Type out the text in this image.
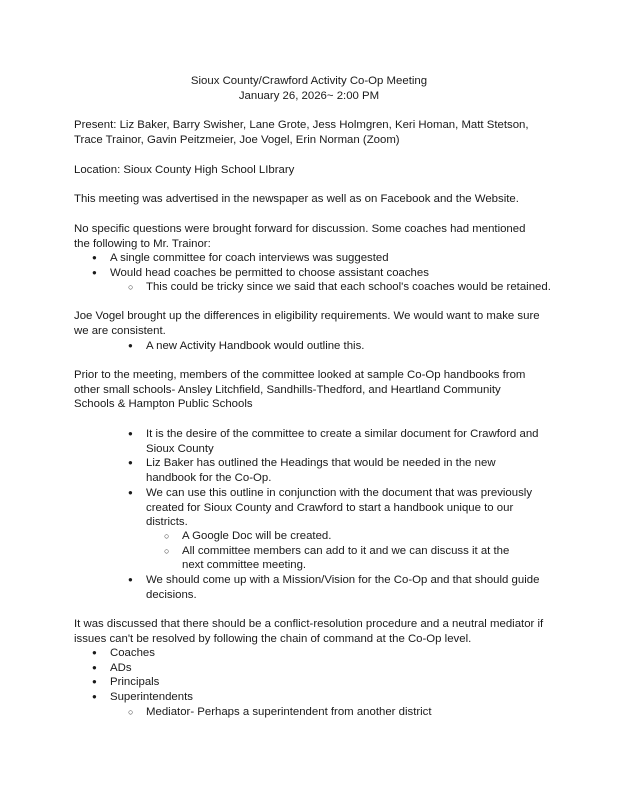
Sioux County/Crawford Activity Co-Op Meeting
January 26, 2026~ 2:00 PM

Present: Liz Baker, Barry Swisher, Lane Grote, Jess Holmgren, Keri Homan, Matt Stetson, Trace Trainor, Gavin Peitzmeier, Joe Vogel, Erin Norman (Zoom)

Location: Sioux County High School LIbrary

This meeting was advertised in the newspaper as well as on Facebook and the Website.

No specific questions were brought forward for discussion. Some coaches had mentioned the following to Mr. Trainor:

● A single committee for coach interviews was suggested
● Would head coaches be permitted to choose assistant coaches
○ This could be tricky since we said that each school's coaches would be retained.

Joe Vogel brought up the differences in eligibility requirements. We would want to make sure we are consistent.

● A new Activity Handbook would outline this.

Prior to the meeting, members of the committee looked at sample Co-Op handbooks from other small schools- Ansley Litchfield, Sandhills-Thedford, and Heartland Community Schools & Hampton Public Schools

● It is the desire of the committee to create a similar document for Crawford and Sioux County
● Liz Baker has outlined the Headings that would be needed in the new handbook for the Co-Op.
● We can use this outline in conjunction with the document that was previously created for Sioux County and Crawford to start a handbook unique to our districts.
○ A Google Doc will be created.
○ All committee members can add to it and we can discuss it at the next committee meeting.
● We should come up with a Mission/Vision for the Co-Op and that should guide decisions.

It was discussed that there should be a conflict-resolution procedure and a neutral mediator if issues can't be resolved by following the chain of command at the Co-Op level.

● Coaches
● ADs
● Principals
● Superintendents
○ Mediator- Perhaps a superintendent from another district
